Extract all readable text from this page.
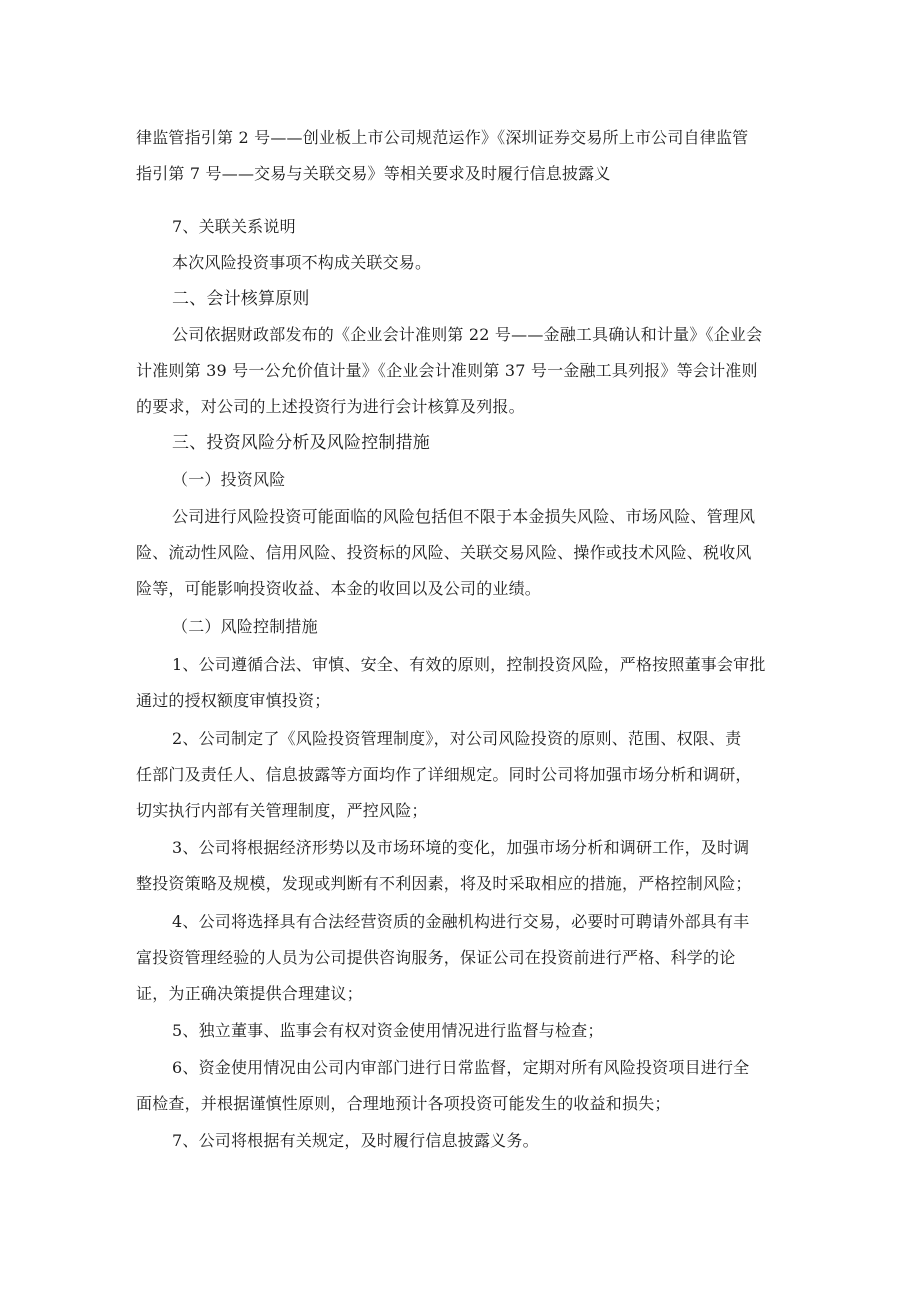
律监管指引第 2 号——创业板上市公司规范运作》《深圳证券交易所上市公司自律监管
指引第 7 号——交易与关联交易》等相关要求及时履行信息披露义
7、关联关系说明
本次风险投资事项不构成关联交易。
二、会计核算原则
公司依据财政部发布的《企业会计准则第 22 号——金融工具确认和计量》《企业会
计准则第 39 号一公允价值计量》《企业会计准则第 37 号一金融工具列报》等会计准则
的要求，对公司的上述投资行为进行会计核算及列报。
三、投资风险分析及风险控制措施
（一）投资风险
公司进行风险投资可能面临的风险包括但不限于本金损失风险、市场风险、管理风
险、流动性风险、信用风险、投资标的风险、关联交易风险、操作或技术风险、税收风
险等，可能影响投资收益、本金的收回以及公司的业绩。
（二）风险控制措施
1、公司遵循合法、审慎、安全、有效的原则，控制投资风险，严格按照董事会审批
通过的授权额度审慎投资；
2、公司制定了《风险投资管理制度》，对公司风险投资的原则、范围、权限、责
任部门及责任人、信息披露等方面均作了详细规定。同时公司将加强市场分析和调研，
切实执行内部有关管理制度，严控风险；
3、公司将根据经济形势以及市场环境的变化，加强市场分析和调研工作，及时调
整投资策略及规模，发现或判断有不利因素，将及时采取相应的措施，严格控制风险；
4、公司将选择具有合法经营资质的金融机构进行交易，必要时可聘请外部具有丰
富投资管理经验的人员为公司提供咨询服务，保证公司在投资前进行严格、科学的论
证，为正确决策提供合理建议；
5、独立董事、监事会有权对资金使用情况进行监督与检查；
6、资金使用情况由公司内审部门进行日常监督，定期对所有风险投资项目进行全
面检查，并根据谨慎性原则，合理地预计各项投资可能发生的收益和损失；
7、公司将根据有关规定，及时履行信息披露义务。
